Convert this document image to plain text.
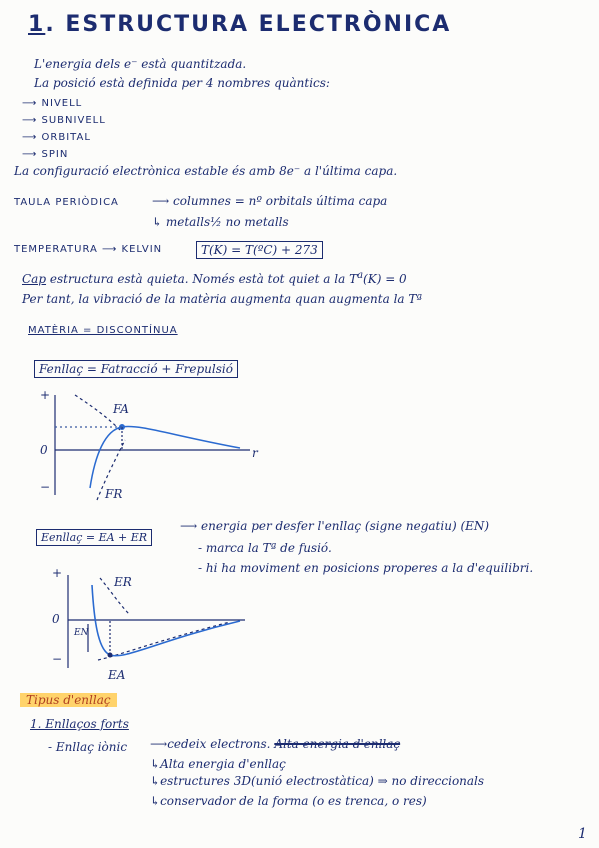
1. ESTRUCTURA ELECTRÒNICA
L'energia dels e⁻ està quantitzada.
La posició està definida per 4 nombres quàntics:
⟶ NIVELL
⟶ SUBNIVELL
⟶ ORBITAL
⟶ SPIN
La configuració electrònica estable és amb 8e⁻ a l'última capa.
TAULA PERIÒDICA	⟶ columnes = nº orbitals última capa
↳ metalls½ no metalls
TEMPERATURA ⟶ KELVIN	T(K) = T(ºC) + 273
Cap estructura està quieta. Només està tot quiet a la $T^a(K) = 0$
Per tant, la vibració de la matèria augmenta quan augmenta la Tª
MATÈRIA = DISCONTÍNUA
Fenllaç = Fatracció + Frepulsió
+
0
−
r
FA
FR
Eenllaç = EA + ER
⟶ energia per desfer l'enllaç (signe negatiu) (EN)
- marca la Tª de fusió.
- hi ha moviment en posicions properes a la d'equilibri.
+
0
−
ER
EA
EN
Tipus d'enllaç
1. Enllaços forts
- Enllaç iònic ⟶cedeix electrons. Alta energia d'enllaç
↳Alta energia d'enllaç
↳estructures 3D(unió electrostàtica) ⇒ no direccionals
↳conservador de la forma (o es trenca, o res)
1
